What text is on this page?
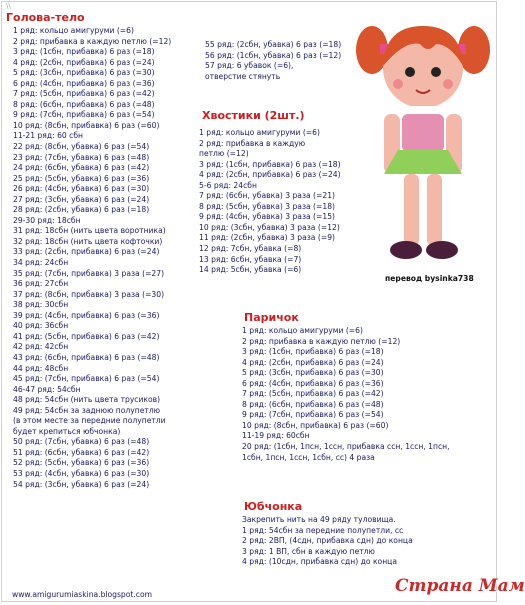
\\
Голова-тело
1 ряд: кольцо амигуруми (=6)
2 ряд: прибавка в каждую петлю (=12)
3 ряд: (1сбн, прибавка) 6 раз (=18)
4 ряд: (2сбн, прибавка) 6 раз (=24)
5 ряд: (3сбн, прибавка) 6 раз (=30)
6 ряд: (4сбн, прибавка) 6 раз (=36)
7 ряд: (5сбн, прибавка) 6 раз (=42)
8 ряд: (6сбн, прибавка) 6 раз (=48)
9 ряд: (7сбн, прибавка) 6 раз (=54)
10 ряд: (8сбн, прибавка) 6 раз (=60)
11-21 ряд: 60 сбн
22 ряд: (8сбн, убавка) 6 раз (=54)
23 ряд: (7сбн, убавка) 6 раз (=48)
24 ряд: (6сбн, убавка) 6 раз (=42)
25 ряд: (5сбн, убавка) 6 раз (=36)
26 ряд: (4сбн, убавка) 6 раз (=30)
27 ряд: (3сбн, убавка) 6 раз (=24)
28 ряд: (2сбн, убавка) 6 раз (=18)
29-30 ряд: 18сбн
31 ряд: 18сбн (нить цвета воротника)
32 ряд: 18сбн (нить цвета кофточки)
33 ряд: (2сбн, прибавка) 6 раз (=24)
34 ряд: 24сбн
35 ряд: (7сбн, прибавка) 3 раза (=27)
36 ряд: 27сбн
37 ряд: (8сбн, прибавка) 3 раза (=30)
38 ряд: 30сбн
39 ряд: (4сбн, прибавка) 6 раз (=36)
40 ряд: 36сбн
41 ряд: (5сбн, прибавка) 6 раз (=42)
42 ряд: 42сбн
43 ряд: (6сбн, прибавка) 6 раз (=48)
44 ряд: 48сбн
45 ряд: (7сбн, прибавка) 6 раз (=54)
46-47 ряд: 54сбн
48 ряд: 54сбн (нить цвета трусиков)
49 ряд: 54сбн за заднюю полупетлю
(в этом месте за передние полупетли
будет крепиться юбчонка)
50 ряд: (7сбн, убавка) 6 раз (=48)
51 ряд: (6сбн, убавка) 6 раз (=42)
52 ряд: (5сбн, убавка) 6 раз (=36)
53 ряд: (4сбн, убавка) 6 раз (=30)
54 ряд: (3сбн, убавка) 6 раз (=24)
55 ряд: (2сбн, убавка) 6 раз (=18)
56 ряд: (1сбн, убавка) 6 раз (=12)
57 ряд: 6 убавок (=6),
отверстие стянуть
Хвостики (2шт.)
1 ряд: кольцо амигуруми (=6)
2 ряд: прибавка в каждую
петлю (=12)
3 ряд: (1сбн, прибавка) 6 раз (=18)
4 ряд: (2сбн, прибавка) 6 раз (=24)
5-6 ряд: 24сбн
7 ряд: (6сбн, убавка) 3 раза (=21)
8 ряд: (5сбн, убавка) 3 раза (=18)
9 ряд: (4сбн, убавка) 3 раза (=15)
10 ряд: (3сбн, убавка) 3 раза (=12)
11 ряд: (2сбн, убавка) 3 раза (=9)
12 ряд: 7сбн, убавка (=8)
13 ряд: 6сбн, убавка (=7)
14 ряд: 5сбн, убавка (=6)
перевод bysinka738
Паричок
1 ряд: кольцо амигуруми (=6)
2 ряд: прибавка в каждую петлю (=12)
3 ряд: (1сбн, прибавка) 6 раз (=18)
4 ряд: (2сбн, прибавка) 6 раз (=24)
5 ряд: (3сбн, прибавка) 6 раз (=30)
6 ряд: (4сбн, прибавка) 6 раз (=36)
7 ряд: (5сбн, прибавка) 6 раз (=42)
8 ряд: (6сбн, прибавка) 6 раз (=48)
9 ряд: (7сбн, прибавка) 6 раз (=54)
10 ряд: (8сбн, прибавка) 6 раз (=60)
11-19 ряд: 60сбн
20 ряд: (1сбн, 1псн, 1ссн, прибавка ссн, 1ссн, 1псн,
1сбн, 1псн, 1ссн, 1сбн, сс) 4 раза
Юбчонка
Закрепить нить на 49 ряду туловища.
1 ряд: 54сбн за передние полупетли, сс
2 ряд: 2ВП, (4сдн, прибавка сдн) до конца
3 ряд: 1 ВП, сбн в каждую петлю
4 ряд: (10сдн, прибавка сдн) до конца
www.amigurumiaskina.blogspot.com	Страна Мам
